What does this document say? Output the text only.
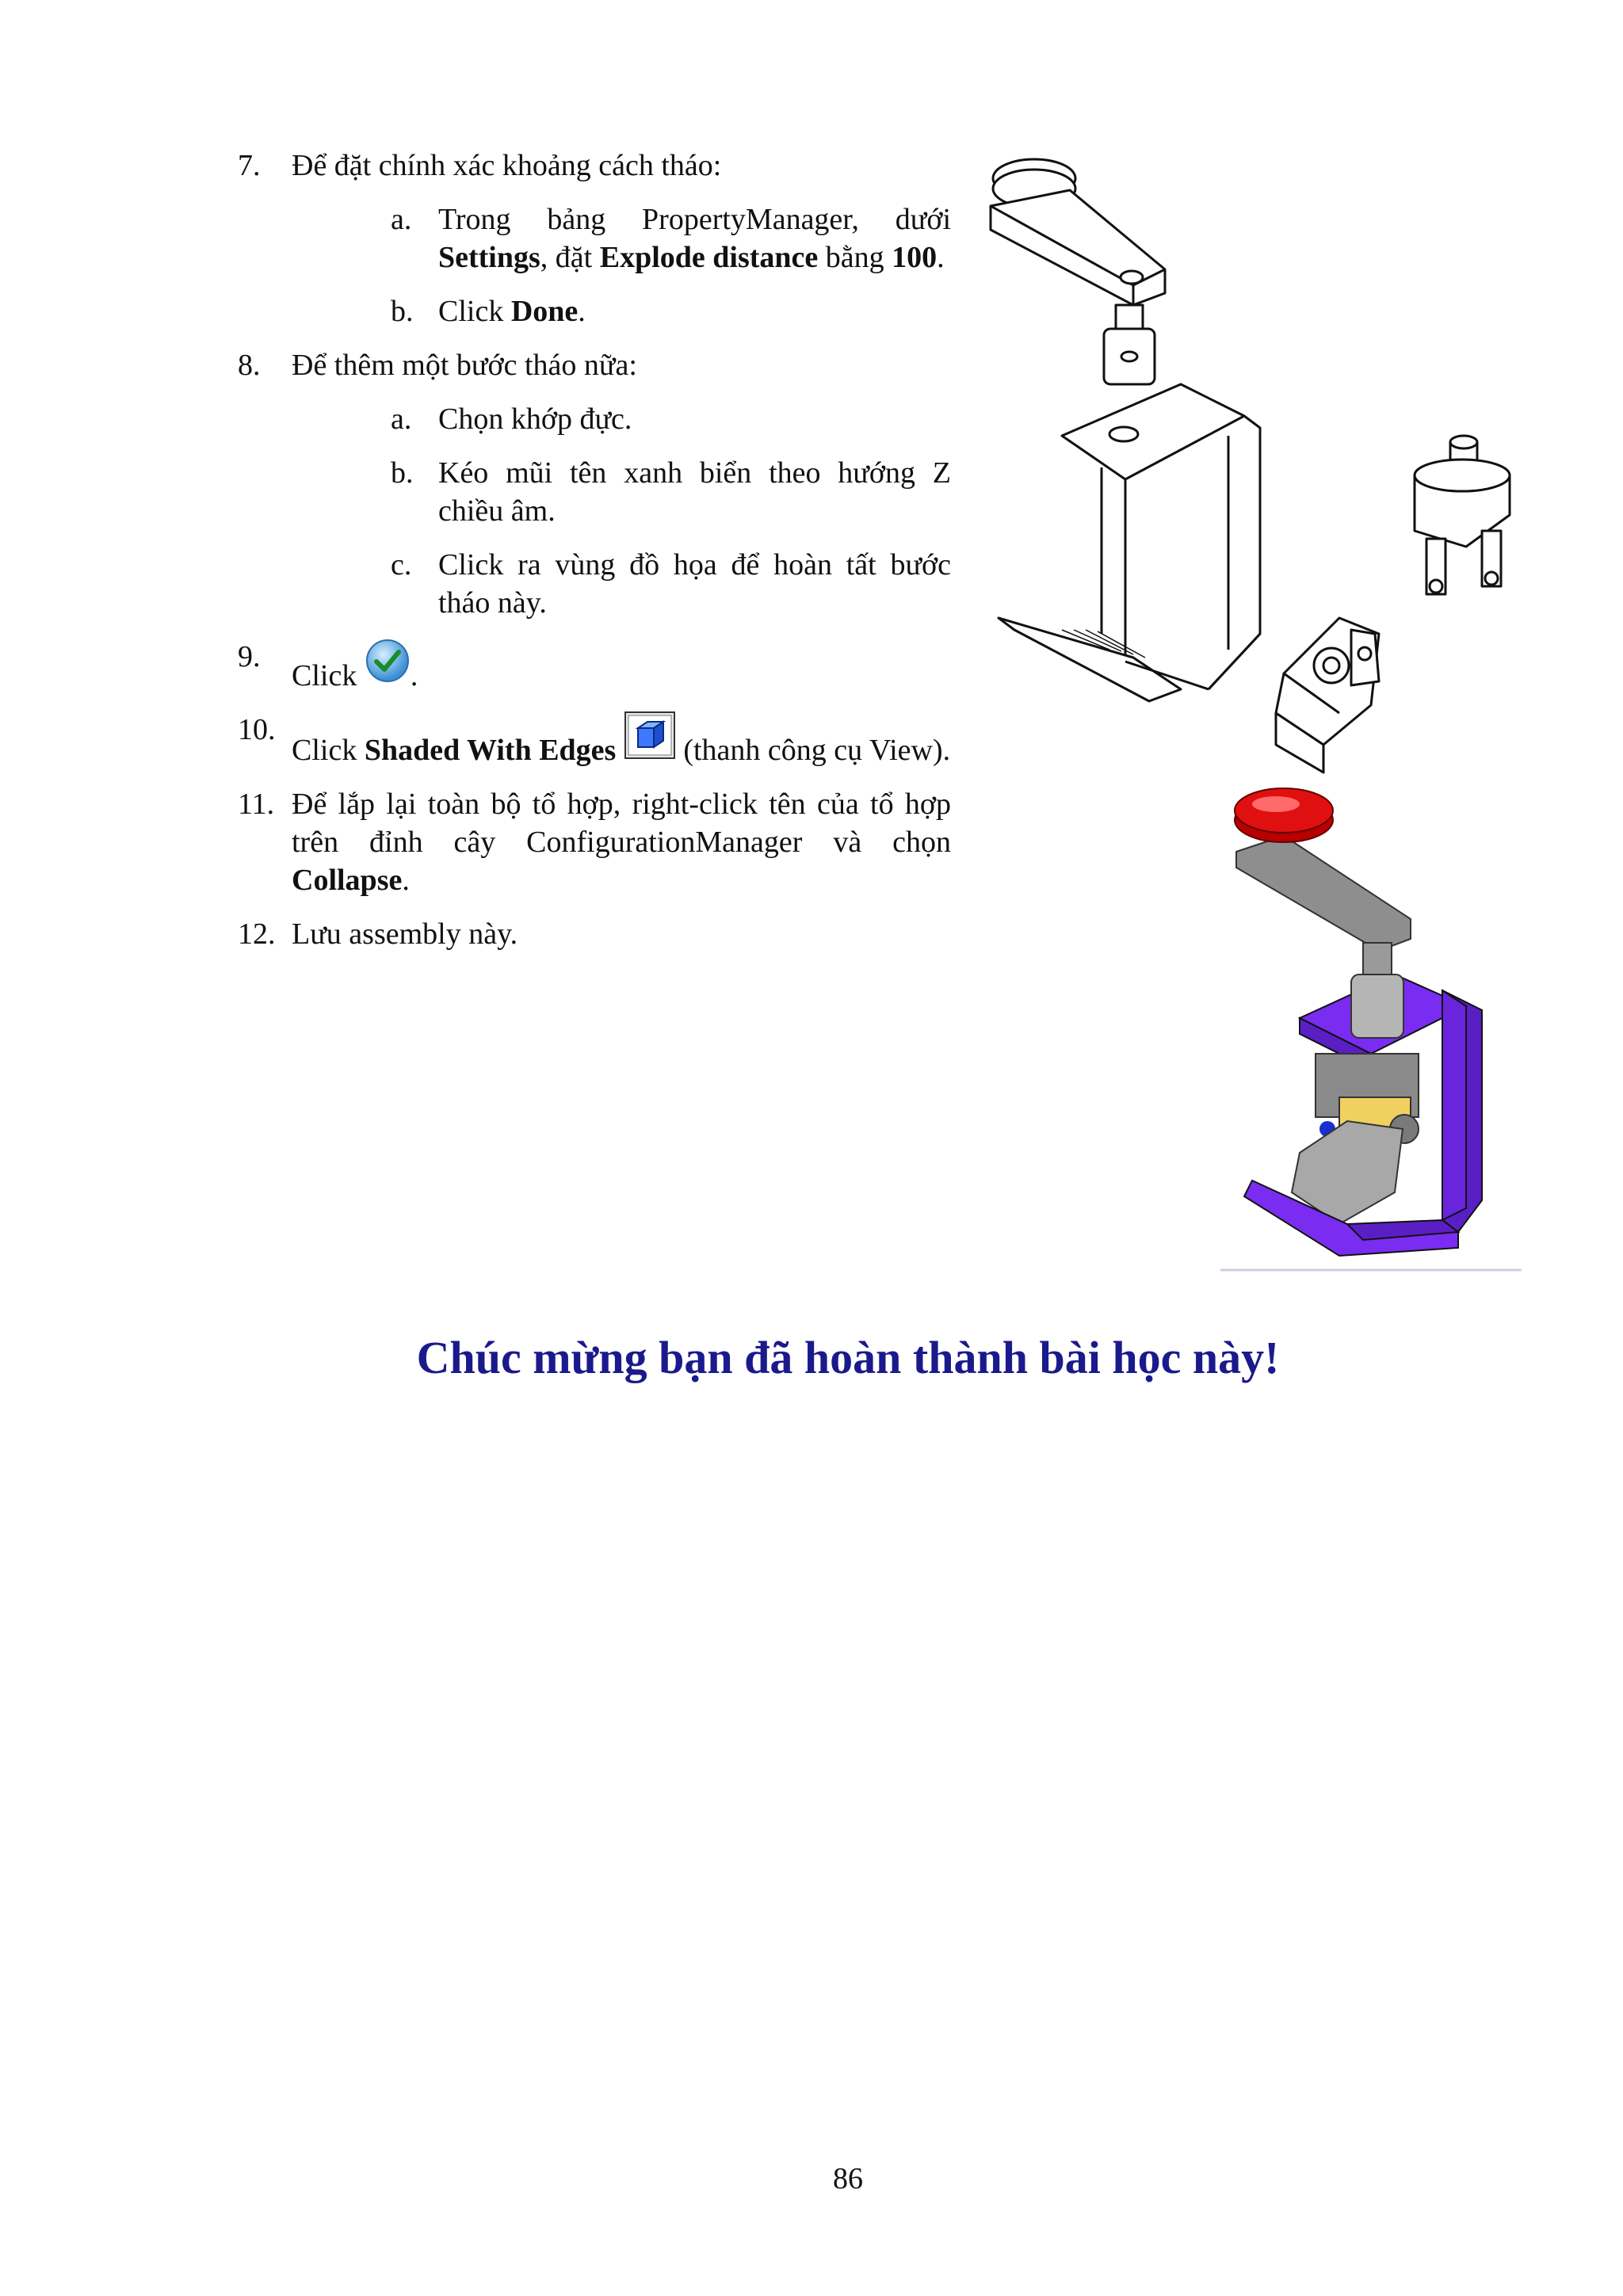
7. Để đặt chính xác khoảng cách tháo:
a. Trong bảng PropertyManager, dưới Settings, đặt Explode distance bằng 100.
b. Click Done.
8. Để thêm một bước tháo nữa:
a. Chọn khớp đực.
b. Kéo mũi tên xanh biển theo hướng Z chiều âm.
c. Click ra vùng đồ họa để hoàn tất bước tháo này.
9.
Click .
10.
Click Shaded With Edges  (thanh công cụ View).
11. Để lắp lại toàn bộ tổ hợp, right-click tên của tổ hợp trên đỉnh cây ConfigurationManager và chọn Collapse.
12. Lưu assembly này.
Chúc mừng bạn đã hoàn thành bài học này!
86
